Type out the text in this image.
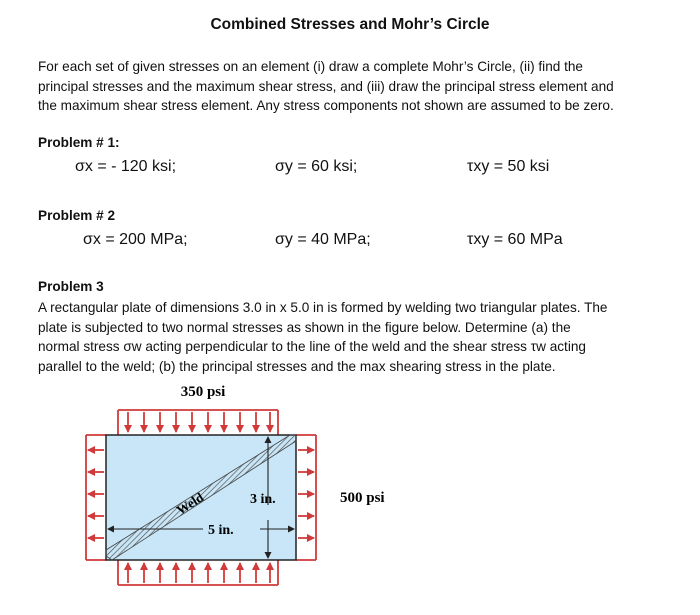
Combined Stresses and Mohr’s Circle
For each set of given stresses on an element (i) draw a complete Mohr’s Circle, (ii) find the
principal stresses and the maximum shear stress, and (iii) draw the principal stress element and
the maximum shear stress element. Any stress components not shown are assumed to be zero.
Problem # 1:
σx = - 120 ksi;	σy = 60 ksi;	τxy = 50 ksi
Problem # 2
σx = 200 MPa;	σy = 40 MPa;	τxy = 60 MPa
Problem 3
A rectangular plate of dimensions 3.0 in x 5.0 in is formed by welding two triangular plates. The
plate is subjected to two normal stresses as shown in the figure below. Determine (a) the
normal stress σw acting perpendicular to the line of the weld and the shear stress τw acting
parallel to the weld; (b) the principal stresses and the max shearing stress in the plate.
350 psi
Weld	3 in.
5 in.
500 psi
